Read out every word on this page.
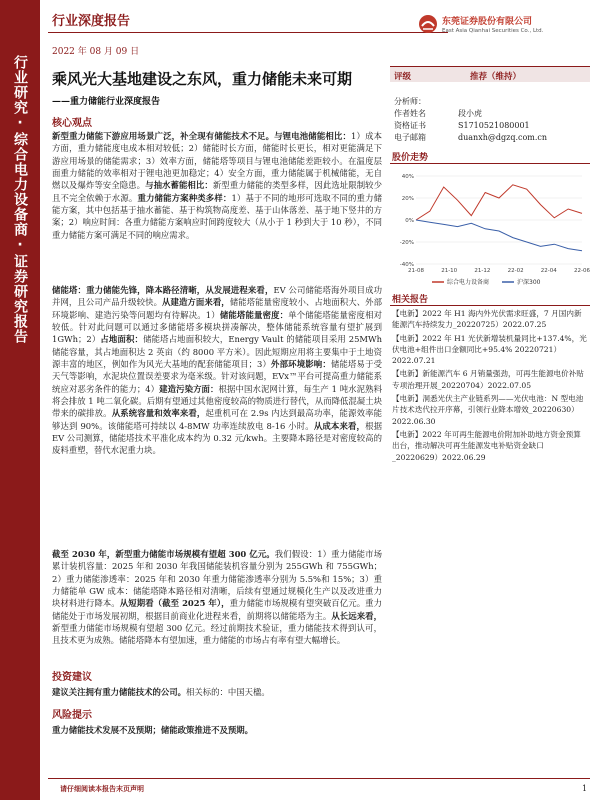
行业研究·综合电力设备商·证券研究报告
行业深度报告
2022 年 08 月 09 日
东莞证券股份有限公司
East Asia Qianhai Securities Co., Ltd.
乘风光大基地建设之东风，重力储能未来可期
——重力储能行业深度报告
核心观点
新型重力储能下游应用场景广泛，补全现有储能技术不足。与锂电池储能相比：1）成本方面，重力储能度电成本相对较低；2）储能时长方面，储能时长更长，相对更能满足下游应用场景的储能需求；3）效率方面，储能塔等项目与锂电池储能差距较小。在温度层面重力储能的效率相对于锂电池更加稳定；4）安全方面，重力储能属于机械储能，无自燃以及爆炸等安全隐患。与抽水蓄能相比：新型重力储能的类型多样，因此选址限制较少且不完全依赖于水源。重力储能方案种类多样：1）基于不同的地形可选取不同的重力储能方案，其中包括基于抽水蓄能、基于构筑物高度差、基于山体落差、基于地下竖井的方案；2）响应时间：各重力储能方案响应时间跨度较大（从小于 1 秒到大于 10 秒），不同重力储能方案可满足不同的响应需求。
储能塔：重力储能先锋，降本路径清晰，从发展进程来看，EV 公司储能塔海外项目成功并网，且公司产品升级较快。从建造方面来看，储能塔能量密度较小、占地面积大、外部环境影响、建造污染等问题均有待解决。1）储能塔能量密度：单个储能塔能量密度相对较低。针对此问题可以通过多储能塔多模块拼凑解决，整体储能系统容量有望扩展到 1GWh；2）占地面积：储能塔占地面积较大，Energy Vault 的储能项目采用 25MWh 储能容量，其占地面积达 2 英亩（约 8000 平方米）。因此短期应用将主要集中于土地资源丰富的地区，例如作为风光大基地的配套储能项目；3）外部环境影响：储能塔易于受天气等影响，水泥块位置误差要求为毫米级。针对该问题，EVx™平台可提高重力储能系统应对恶劣条件的能力；4）建造污染方面：根据中国水泥网计算，每生产 1 吨水泥熟料将会排放 1 吨二氧化碳。后期有望通过其他密度较高的物质进行替代，从而降低混凝土块带来的碳排放。从系统容量和效率来看，起重机可在 2.9s 内达到最高功率，能源效率能够达到 90%。该储能塔可持续以 4-8MW 功率连续放电 8-16 小时。从成本来看，根据 EV 公司测算，储能塔技术平准化成本约为 0.32 元/kwh。主要降本路径是对密度较高的废料重塑，替代水泥重力块。
截至 2030 年，新型重力储能市场规模有望超 300 亿元。我们假设：1）重力储能市场累计装机容量：2025 年和 2030 年我国储能装机容量分别为 255GWh 和 755GWh；2）重力储能渗透率：2025 年和 2030 年重力储能渗透率分别为 5.5%和 15%；3）重力储能单 GW 成本：储能塔降本路径相对清晰，后续有望通过规模化生产以及改进重力块材料进行降本。从短期看（截至 2025 年），重力储能市场规模有望突破百亿元。重力储能处于市场发展初期，根据目前商业化进程来看，前期将以储能塔为主。从长远来看，新型重力储能市场规模有望超 300 亿元。经过前期技术验证，重力储能技术得到认可，且技术更为成熟。储能塔降本有望加速，重力储能的市场占有率有望大幅增长。
投资建议
建议关注拥有重力储能技术的公司。相关标的：中国天楹。
风险提示
重力储能技术发展不及预期；储能政策推进不及预期。
评级	推荐（维持）
分析师：
作者姓名	段小虎
资格证书	S1710521080001
电子邮箱	duanxh@dgzq.com.cn
股价走势
40%
20%
0%
-20%
-40%
21-08	21-10	21-12	22-02	22-04	22-06
综合电力设备商	沪深300
相关报告
【电新】2022 年 H1 海内外光伏需求旺盛，7 月国内新能源汽车持续发力_20220725）2022.07.25
【电新】2022 年 H1 光伏新增装机量同比+137.4%，光伏电池+组件出口金额同比+95.4% 20220721）2022.07.21
【电新】新能源汽车 6 月销量强劲，可再生能源电价补贴专项治理开展_20220704）2022.07.05
【电新】洞悉光伏主产业链系列——光伏电池：N 型电池片技术迭代拉开序幕，引领行业降本增效_20220630）2022.06.30
【电新】2022 年可再生能源电价附加补助地方资金预算出台，推动解决可再生能源发电补贴资金缺口_20220629）2022.06.29
请仔细阅读本报告末页声明	1
